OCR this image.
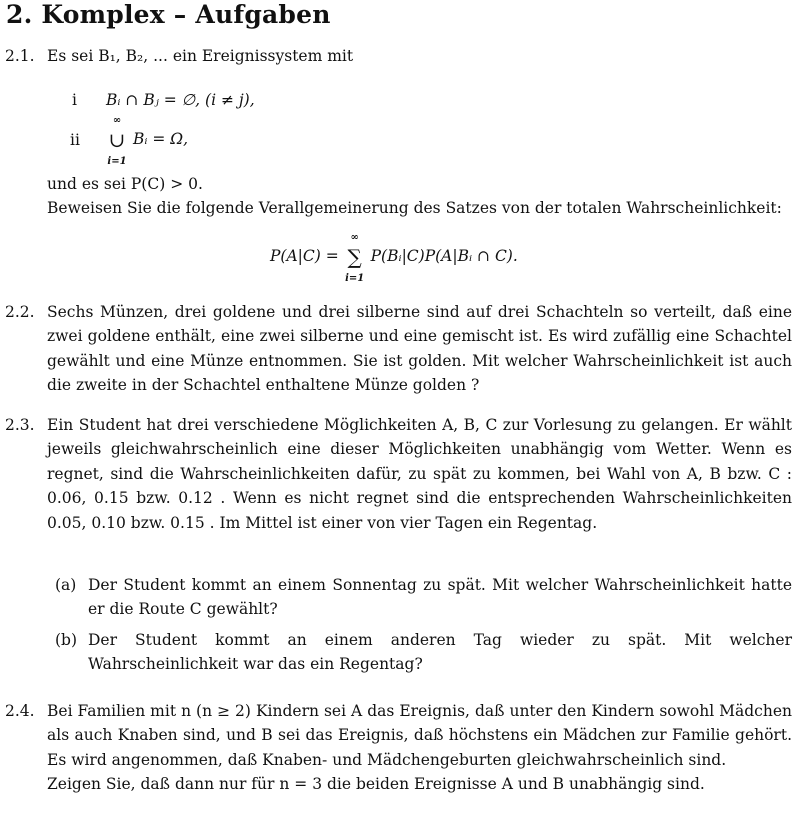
2. Komplex – Aufgaben
2.1. Es sei B₁, B₂, ... ein Ereignissystem mit

i Bᵢ ∩ Bⱼ = ∅, (i ≠ j),
ii
∞
∪
i=1
Bᵢ = Ω,

und es sei P(C) > 0.

Beweisen Sie die folgende Verallgemeinerung des Satzes von der totalen Wahrscheinlichkeit:

P(A|C) =
∞
∑
i=1
P(Bᵢ|C)P(A|Bᵢ ∩ C).
2.2. Sechs Münzen, drei goldene und drei silberne sind auf drei Schachteln so verteilt, daß eine zwei goldene enthält, eine zwei silberne und eine gemischt ist. Es wird zufällig eine Schachtel gewählt und eine Münze entnommen. Sie ist golden. Mit welcher Wahrscheinlichkeit ist auch die zweite in der Schachtel enthaltene Münze golden ?

2.3. Ein Student hat drei verschiedene Möglichkeiten A, B, C zur Vorlesung zu gelangen. Er wählt jeweils gleichwahrscheinlich eine dieser Möglichkeiten unabhängig vom Wetter. Wenn es regnet, sind die Wahrscheinlichkeiten dafür, zu spät zu kommen, bei Wahl von A, B bzw. C : 0.06, 0.15 bzw. 0.12 . Wenn es nicht regnet sind die entsprechenden Wahrscheinlichkeiten 0.05, 0.10 bzw. 0.15 . Im Mittel ist einer von vier Tagen ein Regentag.

(a) Der Student kommt an einem Sonnentag zu spät. Mit welcher Wahrscheinlichkeit hatte er die Route C gewählt?
(b) Der Student kommt an einem anderen Tag wieder zu spät. Mit welcher Wahrscheinlichkeit war das ein Regentag?
2.4. Bei Familien mit n (n ≥ 2) Kindern sei A das Ereignis, daß unter den Kindern sowohl Mädchen als auch Knaben sind, und B sei das Ereignis, daß höchstens ein Mädchen zur Familie gehört. Es wird angenommen, daß Knaben- und Mädchengeburten gleichwahrscheinlich sind.

Zeigen Sie, daß dann nur für n = 3 die beiden Ereignisse A und B unabhängig sind.
